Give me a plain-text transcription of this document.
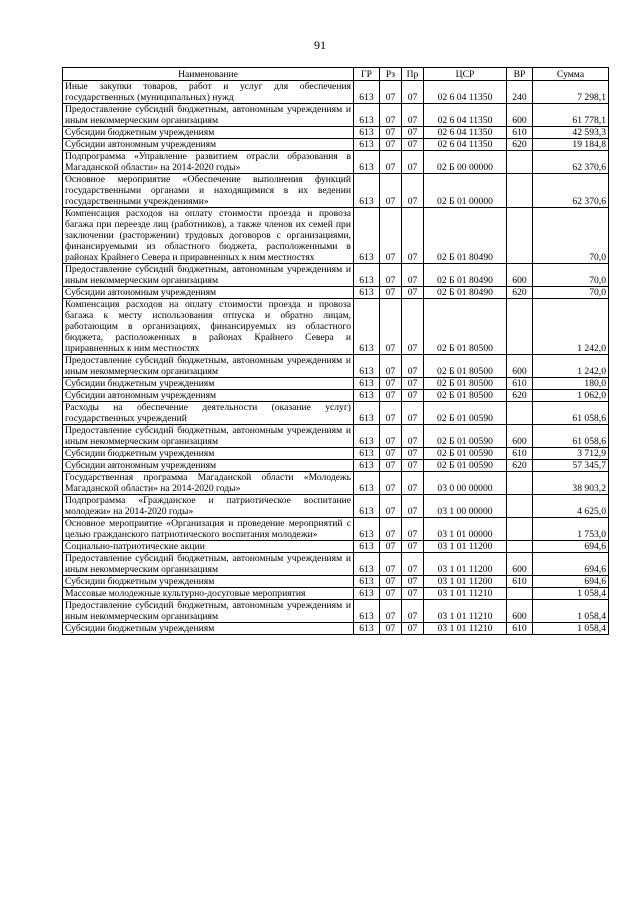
91
Наименование	ГР	Рз	Пр	ЦСР	ВР	Сумма
Иные закупки товаров, работ и услуг для обеспечения государственных (муниципальных) нужд	613	07	07	02 6 04 11350	240	7 298,1
Предоставление субсидий бюджетным, автономным учреждениям и иным некоммерческим организациям	613	07	07	02 6 04 11350	600	61 778,1
Субсидии бюджетным учреждениям	613	07	07	02 6 04 11350	610	42 593,3
Субсидии автономным учреждениям	613	07	07	02 6 04 11350	620	19 184,8
Подпрограмма «Управление развитием отрасли образования в Магаданской области» на 2014-2020 годы»	613	07	07	02 Б 00 00000		62 370,6
Основное мероприятие «Обеспечение выполнения функций государственными органами и находящимися в их ведении государственными учреждениями»	613	07	07	02 Б 01 00000		62 370,6
Компенсация расходов на оплату стоимости проезда и провоза багажа при переезде лиц (работников), а также членов их семей при заключении (расторжении) трудовых договоров с организациями, финансируемыми из областного бюджета, расположенными в районах Крайнего Севера и приравненных к ним местностях	613	07	07	02 Б 01 80490		70,0
Предоставление субсидий бюджетным, автономным учреждениям и иным некоммерческим организациям	613	07	07	02 Б 01 80490	600	70,0
Субсидии автономным учреждениям	613	07	07	02 Б 01 80490	620	70,0
Компенсация расходов на оплату стоимости проезда и провоза багажа к месту использования отпуска и обратно лицам, работающим в организациях, финансируемых из областного бюджета, расположенных в районах Крайнего Севера и приравненных к ним местностях	613	07	07	02 Б 01 80500		1 242,0
Предоставление субсидий бюджетным, автономным учреждениям и иным некоммерческим организациям	613	07	07	02 Б 01 80500	600	1 242,0
Субсидии бюджетным учреждениям	613	07	07	02 Б 01 80500	610	180,0
Субсидии автономным учреждениям	613	07	07	02 Б 01 80500	620	1 062,0
Расходы на обеспечение деятельности (оказание услуг) государственных учреждений	613	07	07	02 Б 01 00590		61 058,6
Предоставление субсидий бюджетным, автономным учреждениям и иным некоммерческим организациям	613	07	07	02 Б 01 00590	600	61 058,6
Субсидии бюджетным учреждениям	613	07	07	02 Б 01 00590	610	3 712,9
Субсидии автономным учреждениям	613	07	07	02 Б 01 00590	620	57 345,7
Государственная программа Магаданской области «Молодежь Магаданской области» на 2014-2020 годы»	613	07	07	03 0 00 00000		38 903,2
Подпрограмма «Гражданское и патриотическое воспитание молодежи» на 2014-2020 годы»	613	07	07	03 1 00 00000		4 625,0
Основное мероприятие «Организация и проведение мероприятий с целью гражданского патриотического воспитания молодежи»	613	07	07	03 1 01 00000		1 753,0
Социально-патриотические акции	613	07	07	03 1 01 11200		694,6
Предоставление субсидий бюджетным, автономным учреждениям и иным некоммерческим организациям	613	07	07	03 1 01 11200	600	694,6
Субсидии бюджетным учреждениям	613	07	07	03 1 01 11200	610	694,6
Массовые молодежные культурно-досуговые мероприятия	613	07	07	03 1 01 11210		1 058,4
Предоставление субсидий бюджетным, автономным учреждениям и иным некоммерческим организациям	613	07	07	03 1 01 11210	600	1 058,4
Субсидии бюджетным учреждениям	613	07	07	03 1 01 11210	610	1 058,4
